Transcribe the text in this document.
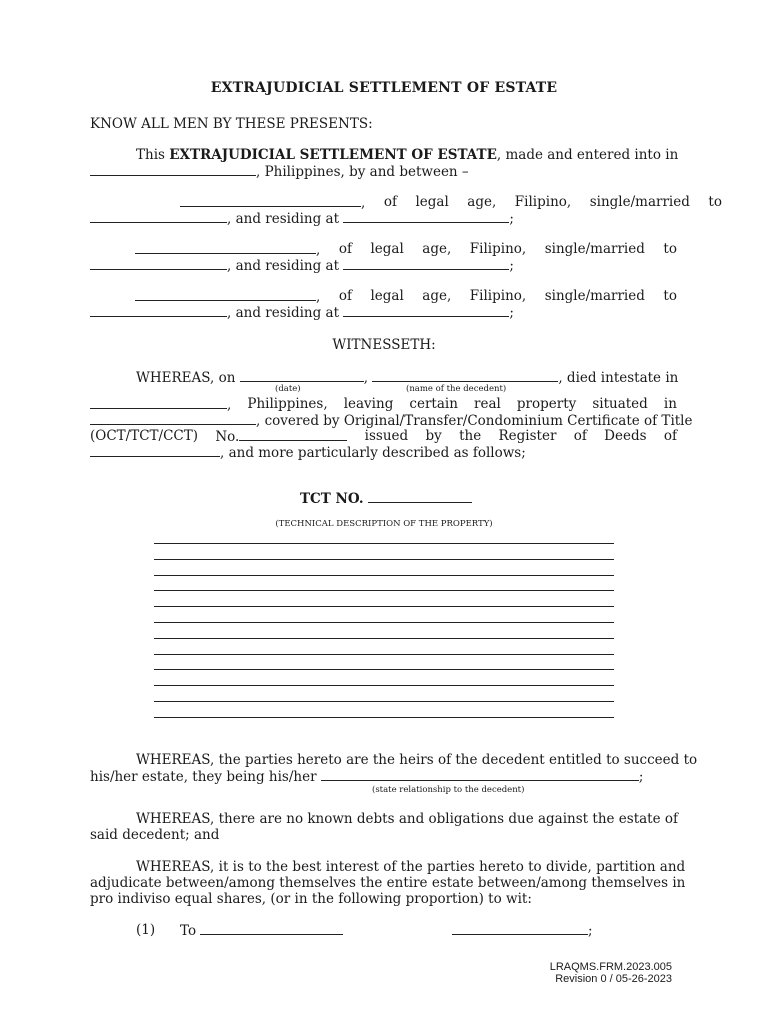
EXTRAJUDICIAL SETTLEMENT OF ESTATE
KNOW ALL MEN BY THESE PRESENTS:
This EXTRAJUDICIAL SETTLEMENT OF ESTATE, made and entered into in
, Philippines, by and between –
, of legal age, Filipino, single/married to
, and residing at	;
, of legal age, Filipino, single/married to
, and residing at	;
, of legal age, Filipino, single/married to
, and residing at	;
WITNESSETH:
WHEREAS, on	,	, died intestate in
(date)	(name of the decedent)
, Philippines, leaving certain real property situated in
, covered by Original/Transfer/Condominium Certificate of Title
(OCT/TCT/CCT) No.	issued by the Register of Deeds of
, and more particularly described as follows;
TCT NO.
(TECHNICAL DESCRIPTION OF THE PROPERTY)
WHEREAS, the parties hereto are the heirs of the decedent entitled to succeed to
his/her estate, they being his/her	;
(state relationship to the decedent)
WHEREAS, there are no known debts and obligations due against the estate of
said decedent; and
WHEREAS, it is to the best interest of the parties hereto to divide, partition and
adjudicate between/among themselves the entire estate between/among themselves in
pro indiviso equal shares, (or in the following proportion) to wit:
(1) To	;
LRAQMS.FRM.2023.005
Revision 0 / 05-26-2023
